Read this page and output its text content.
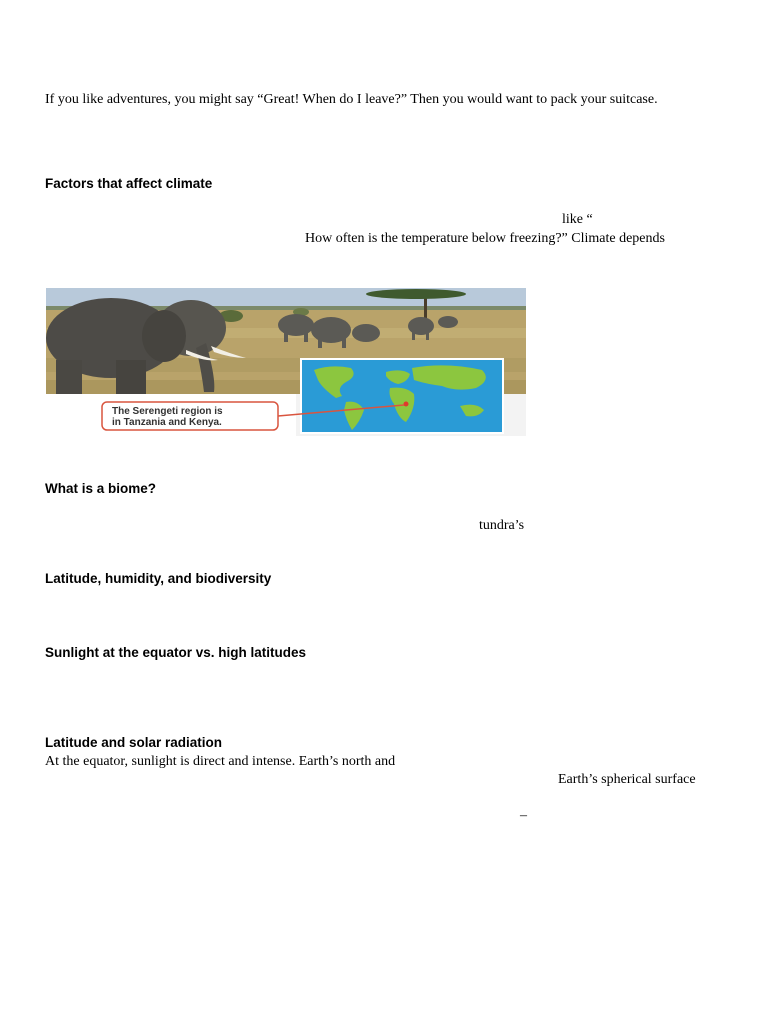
If you like adventures, you might say “Great! When do I leave?” Then you would want to pack your suitcase.
Factors that affect climate
like “
How often is the temperature below freezing?” Climate depends
The Serengeti region is
in Tanzania and Kenya.
What is a biome?
tundra’s
Latitude, humidity, and biodiversity
Sunlight at the equator vs. high latitudes
Latitude and solar radiation
At the equator, sunlight is direct and intense. Earth’s north and
Earth’s spherical surface
–
